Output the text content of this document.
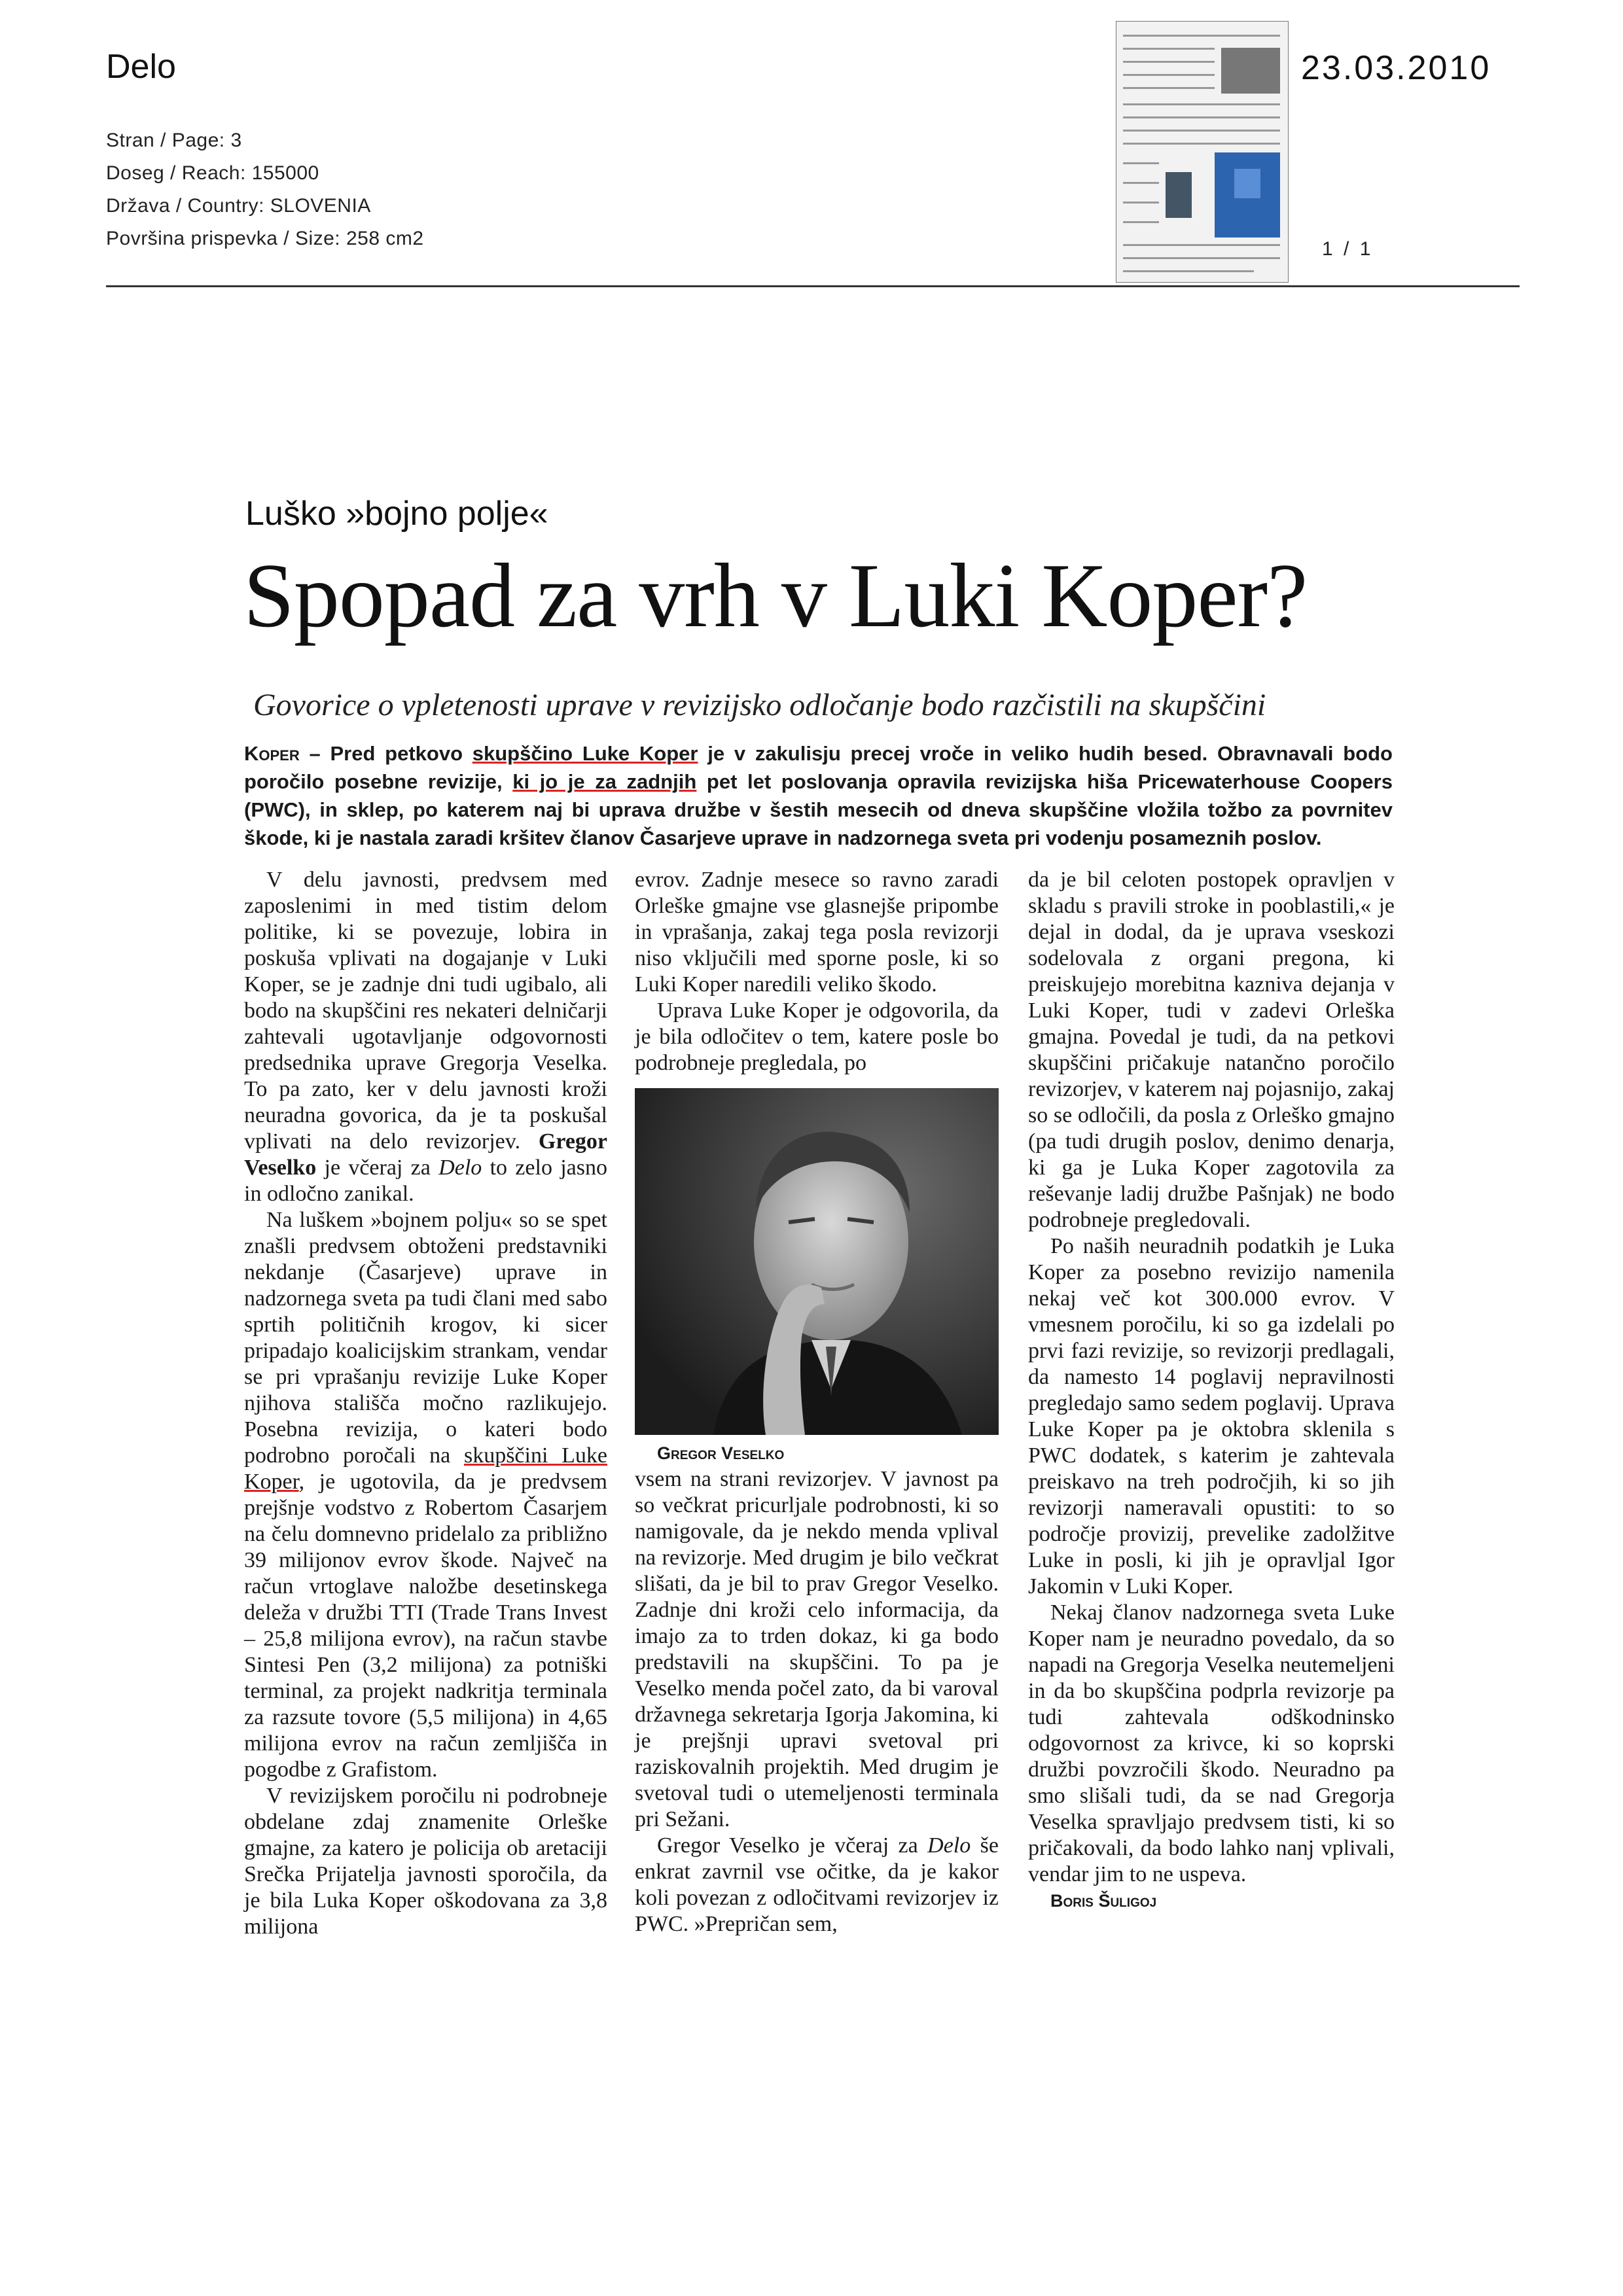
Delo
Stran / Page: 3
Doseg / Reach: 155000
Država / Country: SLOVENIA
Površina prispevka / Size: 258 cm2
23.03.2010
1 / 1
Luško »bojno polje«
Spopad za vrh v Luki Koper?
Govorice o vpletenosti uprave v revizijsko odločanje bodo razčistili na skupščini
Koper – Pred petkovo skupščino Luke Koper je v zakulisju precej vroče in veliko hudih besed. Obravnavali bodo poročilo posebne revizije, ki jo je za zadnjih pet let poslovanja opravila revizijska hiša Pricewaterhouse Coopers (PWC), in sklep, po katerem naj bi uprava družbe v šestih mesecih od dneva skupščine vložila tožbo za povrnitev škode, ki je nastala zaradi kršitev članov Časarjeve uprave in nadzornega sveta pri vodenju posameznih poslov.

V delu javnosti, predvsem med zaposlenimi in med tistim delom politike, ki se povezuje, lobira in poskuša vplivati na dogajanje v Luki Koper, se je zadnje dni tudi ugibalo, ali bodo na skupščini res nekateri delničarji zahtevali ugotavljanje odgovornosti predsednika uprave Gregorja Veselka. To pa zato, ker v delu javnosti kroži neuradna govorica, da je ta poskušal vplivati na delo revizorjev. Gregor Veselko je včeraj za Delo to zelo jasno in odločno zanikal.

Na luškem »bojnem polju« so se spet znašli predvsem obtoženi predstavniki nekdanje (Časarjeve) uprave in nadzornega sveta pa tudi člani med sabo sprtih političnih krogov, ki sicer pripadajo koalicijskim strankam, vendar se pri vprašanju revizije Luke Koper njihova stališča močno razlikujejo. Posebna revizija, o kateri bodo podrobno poročali na skupščini Luke Koper, je ugotovila, da je predvsem prejšnje vodstvo z Robertom Časarjem na čelu domnevno pridelalo za približno 39 milijonov evrov škode. Največ na račun vrtoglave naložbe desetinskega deleža v družbi TTI (Trade Trans Invest – 25,8 milijona evrov), na račun stavbe Sintesi Pen (3,2 milijona) za potniški terminal, za projekt nadkritja terminala za razsute tovore (5,5 milijona) in 4,65 milijona evrov na račun zemljišča in pogodbe z Grafistom.

V revizijskem poročilu ni podrobneje obdelane zdaj znamenite Orleške gmajne, za katero je policija ob aretaciji Srečka Prijatelja javnosti sporočila, da je bila Luka Koper oškodovana za 3,8 milijona

evrov. Zadnje mesece so ravno zaradi Orleške gmajne vse glasnejše pripombe in vprašanja, zakaj tega posla revizorji niso vključili med sporne posle, ki so Luki Koper naredili veliko škodo.

Uprava Luke Koper je odgovorila, da je bila odločitev o tem, katere posle bo podrobneje pregledala, po

Gregor Veselko

vsem na strani revizorjev. V javnost pa so večkrat pricurljale podrobnosti, ki so namigovale, da je nekdo menda vplival na revizorje. Med drugim je bilo večkrat slišati, da je bil to prav Gregor Veselko. Zadnje dni kroži celo informacija, da imajo za to trden dokaz, ki ga bodo predstavili na skupščini. To pa je Veselko menda počel zato, da bi varoval državnega sekretarja Igorja Jakomina, ki je prejšnji upravi svetoval pri raziskovalnih projektih. Med drugim je svetoval tudi o utemeljenosti terminala pri Sežani.

Gregor Veselko je včeraj za Delo še enkrat zavrnil vse očitke, da je kakor koli povezan z odločitvami revizorjev iz PWC. »Prepričan sem,

da je bil celoten postopek opravljen v skladu s pravili stroke in pooblastili,« je dejal in dodal, da je uprava vseskozi sodelovala z organi pregona, ki preiskujejo morebitna kazniva dejanja v Luki Koper, tudi v zadevi Orleška gmajna. Povedal je tudi, da na petkovi skupščini pričakuje natančno poročilo revizorjev, v katerem naj pojasnijo, zakaj so se odločili, da posla z Orleško gmajno (pa tudi drugih poslov, denimo denarja, ki ga je Luka Koper zagotovila za reševanje ladij družbe Pašnjak) ne bodo podrobneje pregledovali.

Po naših neuradnih podatkih je Luka Koper za posebno revizijo namenila nekaj več kot 300.000 evrov. V vmesnem poročilu, ki so ga izdelali po prvi fazi revizije, so revizorji predlagali, da namesto 14 poglavij nepravilnosti pregledajo samo sedem poglavij. Uprava Luke Koper pa je oktobra sklenila s PWC dodatek, s katerim je zahtevala preiskavo na treh področjih, ki so jih revizorji nameravali opustiti: to so področje provizij, prevelike zadolžitve Luke in posli, ki jih je opravljal Igor Jakomin v Luki Koper.

Nekaj članov nadzornega sveta Luke Koper nam je neuradno povedalo, da so napadi na Gregorja Veselka neutemeljeni in da bo skupščina podprla revizorje pa tudi zahtevala odškodninsko odgovornost za krivce, ki so koprski družbi povzročili škodo. Neuradno pa smo slišali tudi, da se nad Gregorja Veselka spravljajo predvsem tisti, ki so pričakovali, da bodo lahko nanj vplivali, vendar jim to ne uspeva.

Boris Šuligoj
